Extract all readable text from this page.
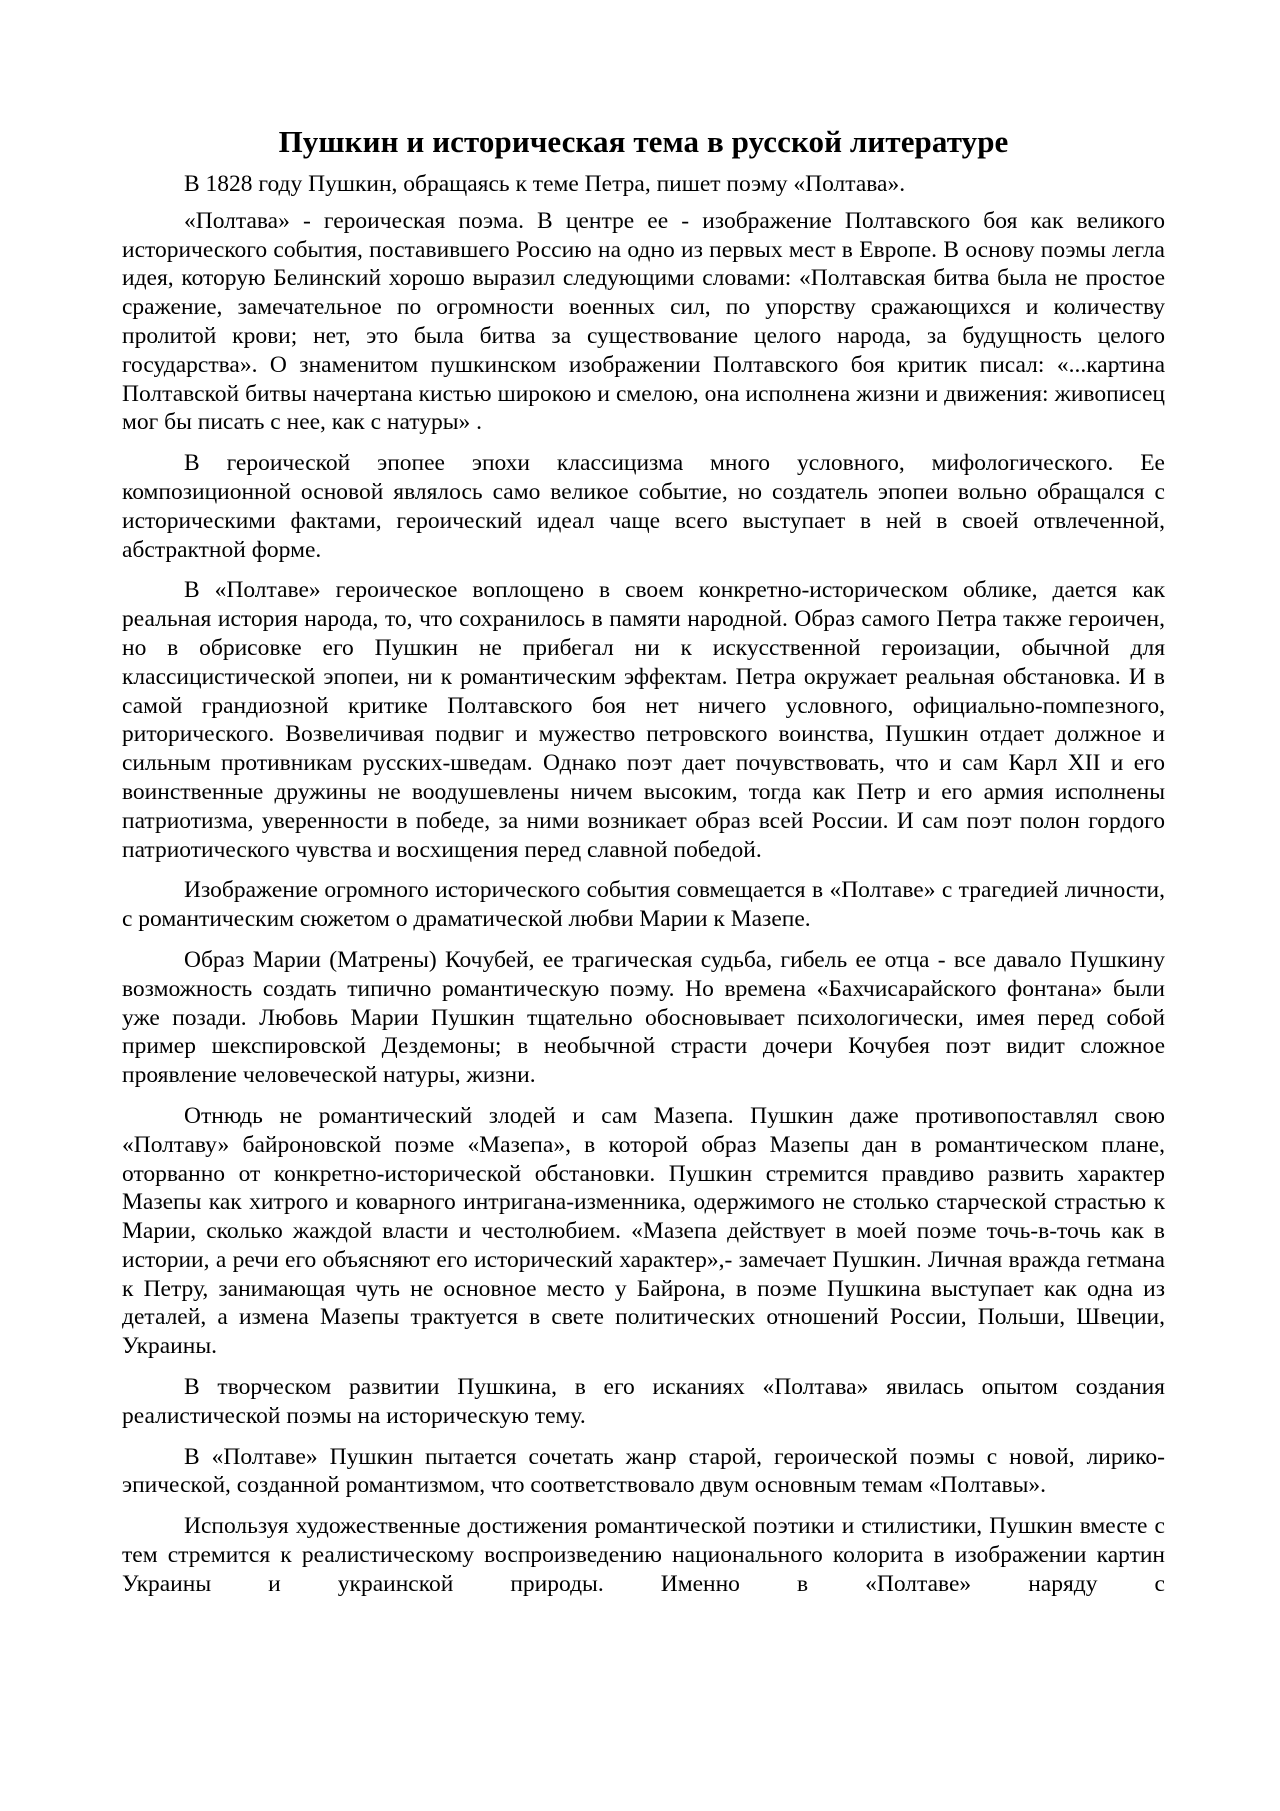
Пушкин и историческая тема в русской литературе

В 1828 году Пушкин, обращаясь к теме Петра, пишет поэму «Полтава».

«Полтава» - героическая поэма. В центре ее - изображение Полтавского боя как великого исторического события, поставившего Россию на одно из первых мест в Европе. В основу поэмы легла идея, которую Белинский хорошо выразил следующими словами: «Полтавская битва была не простое сражение, замечательное по огромности военных сил, по упорству сражающихся и количеству пролитой крови; нет, это была битва за существование целого народа, за будущность целого государства». О знаменитом пушкинском изображении Полтавского боя критик писал: «...картина Полтавской битвы начертана кистью широкою и смелою, она исполнена жизни и движения: живописец мог бы писать с нее, как с натуры» .

В героической эпопее эпохи классицизма много условного, мифологического. Ее композиционной основой являлось само великое событие, но создатель эпопеи вольно обращался с историческими фактами, героический идеал чаще всего выступает в ней в своей отвлеченной, абстрактной форме.

В «Полтаве» героическое воплощено в своем конкретно-историческом облике, дается как реальная история народа, то, что сохранилось в памяти народной. Образ самого Петра также героичен, но в обрисовке его Пушкин не прибегал ни к искусственной героизации, обычной для классицистической эпопеи, ни к романтическим эффектам. Петра окружает реальная обстановка. И в самой грандиозной критике Полтавского боя нет ничего условного, официально-помпезного, риторического. Возвеличивая подвиг и мужество петровского воинства, Пушкин отдает должное и сильным противникам русских-шведам. Однако поэт дает почувствовать, что и сам Карл XII и его воинственные дружины не воодушевлены ничем высоким, тогда как Петр и его армия исполнены патриотизма, уверенности в победе, за ними возникает образ всей России. И сам поэт полон гордого патриотического чувства и восхищения перед славной победой.

Изображение огромного исторического события совмещается в «Полтаве» с трагедией личности, с романтическим сюжетом о драматической любви Марии к Мазепе.

Образ Марии (Матрены) Кочубей, ее трагическая судьба, гибель ее отца - все давало Пушкину возможность создать типично романтическую поэму. Но времена «Бахчисарайского фонтана» были уже позади. Любовь Марии Пушкин тщательно обосновывает психологически, имея перед собой пример шекспировской Дездемоны; в необычной страсти дочери Кочубея поэт видит сложное проявление человеческой натуры, жизни.

Отнюдь не романтический злодей и сам Мазепа. Пушкин даже противопоставлял свою «Полтаву» байроновской поэме «Мазепа», в которой образ Мазепы дан в романтическом плане, оторванно от конкретно-исторической обстановки. Пушкин стремится правдиво развить характер Мазепы как хитрого и коварного интригана-изменника, одержимого не столько старческой страстью к Марии, сколько жаждой власти и честолюбием. «Мазепа действует в моей поэме точь-в-точь как в истории, а речи его объясняют его исторический характер»,- замечает Пушкин. Личная вражда гетмана к Петру, занимающая чуть не основное место у Байрона, в поэме Пушкина выступает как одна из деталей, а измена Мазепы трактуется в свете политических отношений России, Польши, Швеции, Украины.

В творческом развитии Пушкина, в его исканиях «Полтава» явилась опытом создания реалистической поэмы на историческую тему.

В «Полтаве» Пушкин пытается сочетать жанр старой, героической поэмы с новой, лирико-эпической, созданной романтизмом, что соответствовало двум основным темам «Полтавы».

Используя художественные достижения романтической поэтики и стилистики, Пушкин вместе с тем стремится к реалистическому воспроизведению национального колорита в изображении картин Украины и украинской природы. Именно в «Полтаве» наряду с
